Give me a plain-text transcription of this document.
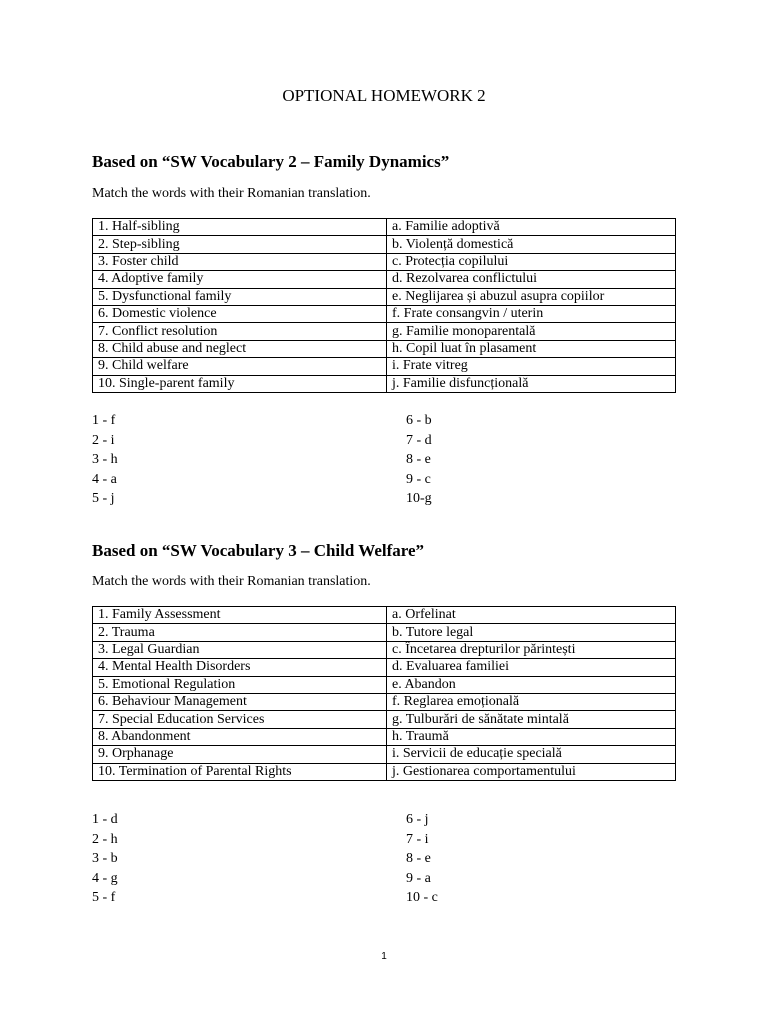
OPTIONAL HOMEWORK 2
Based on “SW Vocabulary 2 – Family Dynamics”
Match the words with their Romanian translation.
1. Half-sibling	a. Familie adoptivă
2. Step-sibling	b. Violență domestică
3. Foster child	c. Protecția copilului
4. Adoptive family	d. Rezolvarea conflictului
5. Dysfunctional family	e. Neglijarea și abuzul asupra copiilor
6. Domestic violence	f. Frate consangvin / uterin
7. Conflict resolution	g. Familie monoparentală
8. Child abuse and neglect	h. Copil luat în plasament
9. Child welfare	i. Frate vitreg
10. Single-parent family	j. Familie disfuncțională
1 - f
2 - i
3 - h
4 - a
5 - j
6 - b
7 - d
8 - e
9 - c
10-g
Based on “SW Vocabulary 3 – Child Welfare”
Match the words with their Romanian translation.
1. Family Assessment	a. Orfelinat
2. Trauma	b. Tutore legal
3. Legal Guardian	c. Încetarea drepturilor părintești
4. Mental Health Disorders	d. Evaluarea familiei
5. Emotional Regulation	e. Abandon
6. Behaviour Management	f. Reglarea emoțională
7. Special Education Services	g. Tulburări de sănătate mintală
8. Abandonment	h. Traumă
9. Orphanage	i. Servicii de educație specială
10. Termination of Parental Rights	j. Gestionarea comportamentului
1 - d
2 - h
3 - b
4 - g
5 - f
6 - j
7 - i
8 - e
9 - a
10 - c
1
